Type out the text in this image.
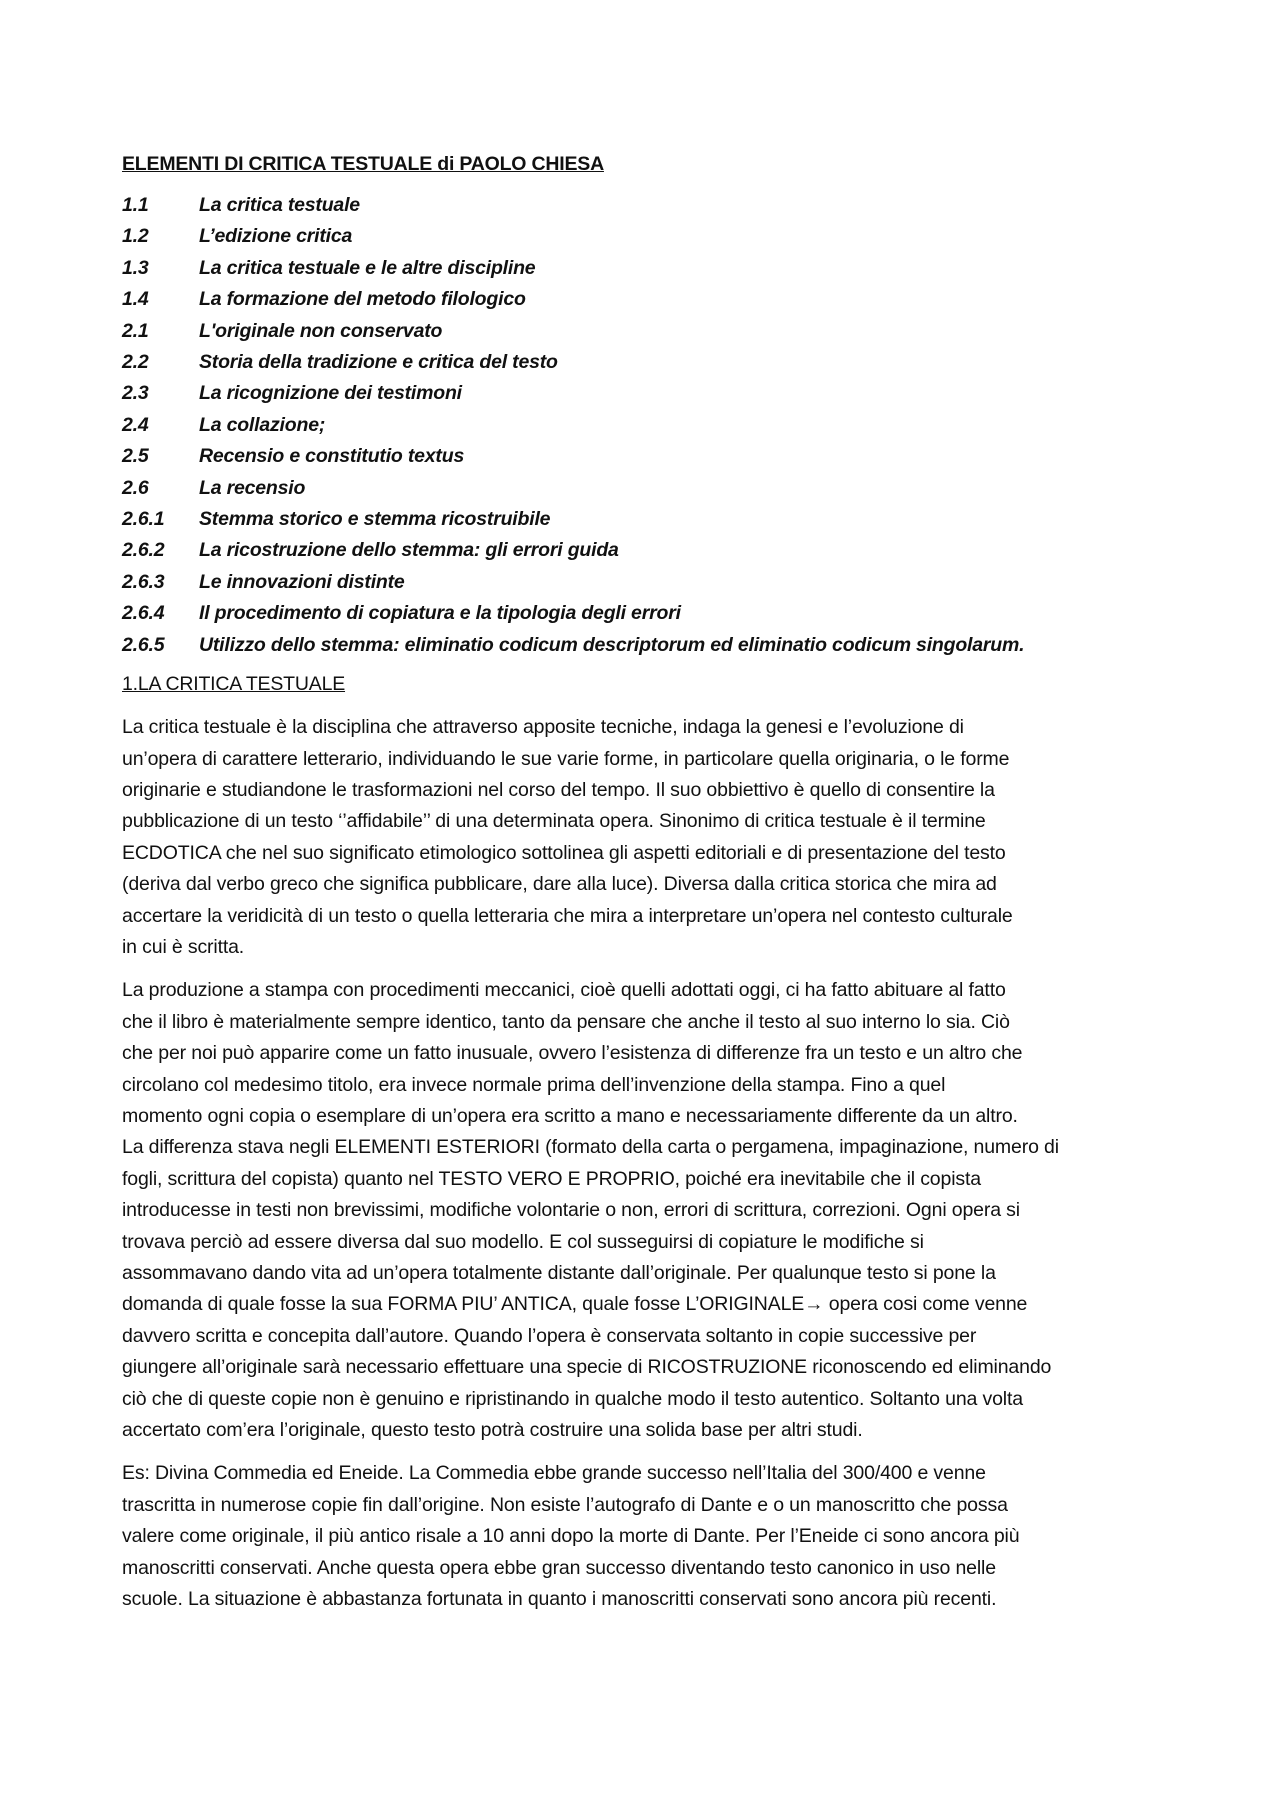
ELEMENTI DI CRITICA TESTUALE di PAOLO CHIESA
1.1	La critica testuale
1.2	L’edizione critica
1.3	La critica testuale e le altre discipline
1.4	La formazione del metodo filologico
2.1	L'originale non conservato
2.2	Storia della tradizione e critica del testo
2.3	La ricognizione dei testimoni
2.4	La collazione;
2.5	Recensio e constitutio textus
2.6	La recensio
2.6.1	Stemma storico e stemma ricostruibile
2.6.2	La ricostruzione dello stemma: gli errori guida
2.6.3	Le innovazioni distinte
2.6.4	Il procedimento di copiatura e la tipologia degli errori
2.6.5	Utilizzo dello stemma: eliminatio codicum descriptorum ed eliminatio codicum singolarum.
1.LA CRITICA TESTUALE

La critica testuale è la disciplina che attraverso apposite tecniche, indaga la genesi e l’evoluzione di
un’opera di carattere letterario, individuando le sue varie forme, in particolare quella originaria, o le forme
originarie e studiandone le trasformazioni nel corso del tempo. Il suo obbiettivo è quello di consentire la
pubblicazione di un testo ‘’affidabile’’ di una determinata opera. Sinonimo di critica testuale è il termine
ECDOTICA che nel suo significato etimologico sottolinea gli aspetti editoriali e di presentazione del testo
(deriva dal verbo greco che significa pubblicare, dare alla luce). Diversa dalla critica storica che mira ad
accertare la veridicità di un testo o quella letteraria che mira a interpretare un’opera nel contesto culturale
in cui è scritta.

La produzione a stampa con procedimenti meccanici, cioè quelli adottati oggi, ci ha fatto abituare al fatto
che il libro è materialmente sempre identico, tanto da pensare che anche il testo al suo interno lo sia. Ciò
che per noi può apparire come un fatto inusuale, ovvero l’esistenza di differenze fra un testo e un altro che
circolano col medesimo titolo, era invece normale prima dell’invenzione della stampa. Fino a quel
momento ogni copia o esemplare di un’opera era scritto a mano e necessariamente differente da un altro.
La differenza stava negli ELEMENTI ESTERIORI (formato della carta o pergamena, impaginazione, numero di
fogli, scrittura del copista) quanto nel TESTO VERO E PROPRIO, poiché era inevitabile che il copista
introducesse in testi non brevissimi, modifiche volontarie o non, errori di scrittura, correzioni. Ogni opera si
trovava perciò ad essere diversa dal suo modello. E col susseguirsi di copiature le modifiche si
assommavano dando vita ad un’opera totalmente distante dall’originale. Per qualunque testo si pone la
domanda di quale fosse la sua FORMA PIU’ ANTICA, quale fosse L’ORIGINALE→ opera cosi come venne
davvero scritta e concepita dall’autore. Quando l’opera è conservata soltanto in copie successive per
giungere all’originale sarà necessario effettuare una specie di RICOSTRUZIONE riconoscendo ed eliminando
ciò che di queste copie non è genuino e ripristinando in qualche modo il testo autentico. Soltanto una volta
accertato com’era l’originale, questo testo potrà costruire una solida base per altri studi.

Es: Divina Commedia ed Eneide. La Commedia ebbe grande successo nell’Italia del 300/400 e venne
trascritta in numerose copie fin dall’origine. Non esiste l’autografo di Dante e o un manoscritto che possa
valere come originale, il più antico risale a 10 anni dopo la morte di Dante. Per l’Eneide ci sono ancora più
manoscritti conservati. Anche questa opera ebbe gran successo diventando testo canonico in uso nelle
scuole. La situazione è abbastanza fortunata in quanto i manoscritti conservati sono ancora più recenti.
